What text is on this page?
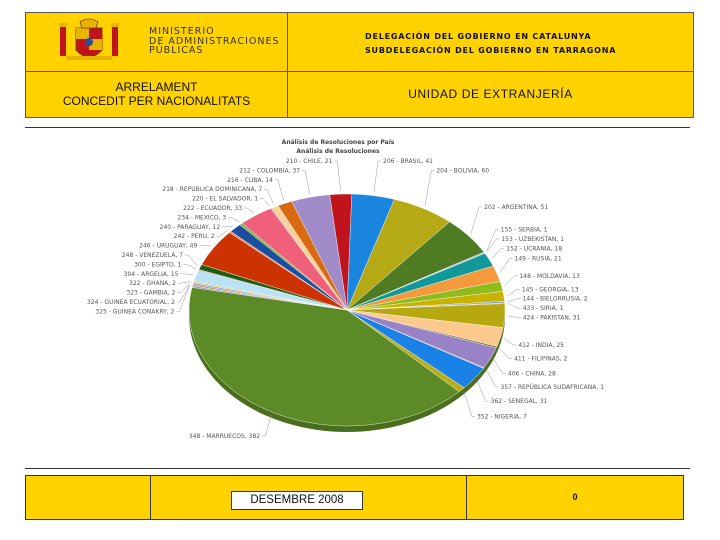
MINISTERIO
DE ADMINISTRACIONES
PÚBLICAS
DELEGACIÓN DEL GOBIERNO EN CATALUNYA
SUBDELEGACIÓN DEL GOBIERNO EN TARRAGONA
ARRELAMENT
CONCEDIT PER NACIONALITATS	UNIDAD DE EXTRANJERÍA
Análisis de Resoluciones por País
Análisis de Resoluciones
206 - BRASIL, 41
204 - BOLIVIA, 60
202 - ARGENTINA, 51
155 - SERBIA, 1
153 - UZBEKISTAN, 1
152 - UCRANIA, 18
149 - RUSIA, 21
148 - MOLDAVIA, 13
145 - GEORGIA, 13
144 - BIELORRUSIA, 2
433 - SIRIA, 1
424 - PAKISTAN, 31
412 - INDIA, 25
411 - FILIPINAS, 2
406 - CHINA, 28
357 - REPÚBLICA SUDAFRICANA, 1
362 - SENEGAL, 31
352 - NIGERIA, 7
210 - CHILE, 21
212 - COLOMBIA, 37
216 - CUBA, 14
218 - REPUBLICA DOMINICANA, 7
220 - EL SALVADOR, 1
222 - ECUADOR, 33
234 - MEXICO, 3
240 - PARAGUAY, 12
242 - PERU, 2
246 - URUGUAY, 49
248 - VENEZUELA, 7
300 - EGIPTO, 1
304 - ARGELIA, 15
322 - GHANA, 2
323 - GAMBIA, 2
324 - GUINEA ECUATORIAL, 2
325 - GUINEA CONAKRY, 2
348 - MARRUECOS, 382
DESEMBRE 2008	0
